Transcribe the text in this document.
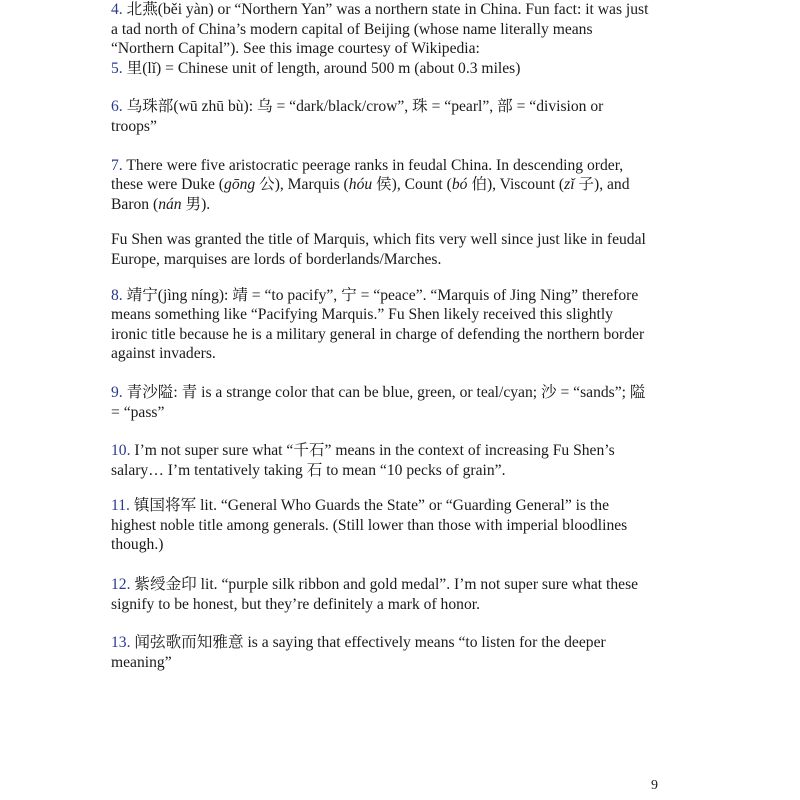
4. 北燕(běi yàn) or “Northern Yan” was a northern state in China. Fun fact: it was just a tad north of China’s modern capital of Beijing (whose name literally means “Northern Capital”). See this image courtesy of Wikipedia:

5. 里(lǐ) = Chinese unit of length, around 500 m (about 0.3 miles)

6. 乌珠部(wū zhū bù): 乌 = “dark/black/crow”, 珠 = “pearl”, 部 = “division or troops”

7. There were five aristocratic peerage ranks in feudal China. In descending order, these were Duke (gōng 公), Marquis (hóu 侯), Count (bó 伯), Viscount (zǐ 子), and Baron (nán 男).

Fu Shen was granted the title of Marquis, which fits very well since just like in feudal Europe, marquises are lords of borderlands/Marches.

8. 靖宁(jìng níng): 靖 = “to pacify”, 宁 = “peace”. “Marquis of Jing Ning” therefore means something like “Pacifying Marquis.” Fu Shen likely received this slightly ironic title because he is a military general in charge of defending the northern border against invaders.

9. 青沙隘: 青 is a strange color that can be blue, green, or teal/cyan; 沙 = “sands”; 隘 = “pass”

10. I’m not super sure what “千石” means in the context of increasing Fu Shen’s salary… I’m tentatively taking 石 to mean “10 pecks of grain”.

11. 镇国将军 lit. “General Who Guards the State” or “Guarding General” is the highest noble title among generals. (Still lower than those with imperial bloodlines though.)

12. 紫绶金印 lit. “purple silk ribbon and gold medal”. I’m not super sure what these signify to be honest, but they’re definitely a mark of honor.

13. 闻弦歌而知雅意 is a saying that effectively means “to listen for the deeper meaning”

9
